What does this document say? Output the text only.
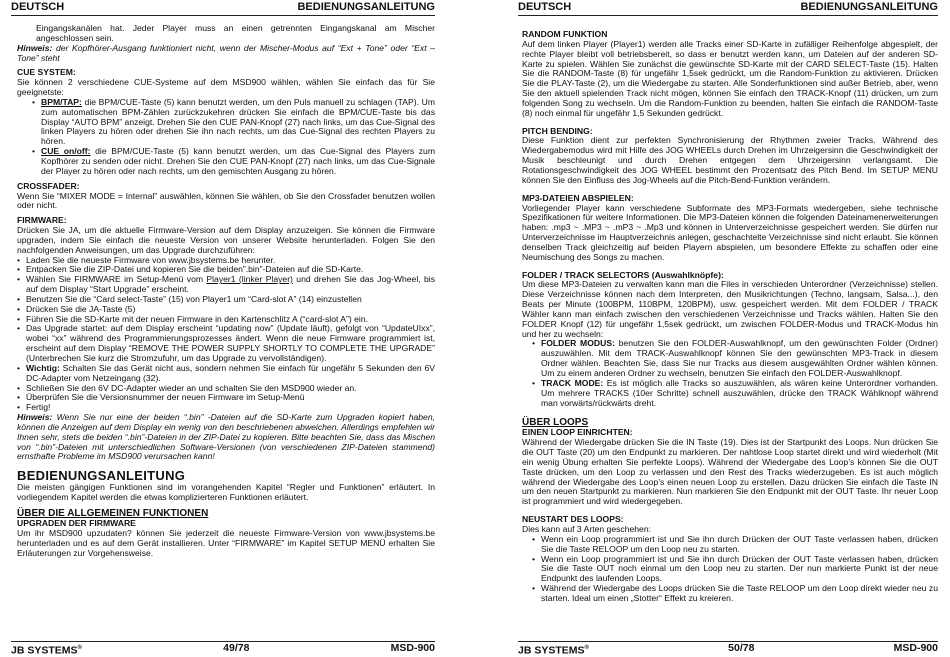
DEUTSCH	BEDIENUNGSANLEITUNG

Eingangskanälen hat. Jeder Player muss an einen getrennten Eingangskanal am Mischer angeschlossen sein.

Hinweis: der Kopfhörer-Ausgang funktioniert nicht, wenn der Mischer-Modus auf “Ext + Tone” oder “Ext – Tone” steht

CUE SYSTEM:

Sie können 2 verschiedene CUE-Systeme auf dem MSD900 wählen, wählen Sie einfach das für Sie geeignetste:

• BPM/TAP: die BPM/CUE-Taste (5) kann benutzt werden, um den Puls manuell zu schlagen (TAP). Um zum automatischen BPM-Zählen zurückzukehren drücken Sie einfach die BPM/CUE-Taste bis das Display “AUTO BPM” anzeigt. Drehen Sie den CUE PAN-Knopf (27) nach links, um das Cue-Signal des linken Players zu hören oder drehen Sie ihn nach rechts, um das Cue-Signal des rechten Players zu hören.
• CUE on/off: die BPM/CUE-Taste (5) kann benutzt werden, um das Cue-Signal des Players zum Kopfhörer zu senden oder nicht. Drehen Sie den CUE PAN-Knopf (27) nach links, um das Cue-Signale der Player zu hören oder nach rechts, um den gemischten Ausgang zu hören.

CROSSFADER:

Wenn Sie “MIXER MODE = Internal” auswählen, können Sie wählen, ob Sie den Crossfader benutzen wollen oder nicht.

FIRMWARE:

Drücken Sie JA, um die aktuelle Firmware-Version auf dem Display anzuzeigen. Sie können die Firmware upgraden, indem Sie einfach die neueste Version von unserer Website herunterladen. Folgen Sie den nachfolgenden Anweisungen, um das Upgrade durchzuführen:

• Laden Sie die neueste Firmware von www.jbsystems.be herunter.
• Entpacken Sie die ZIP-Datei und kopieren Sie die beiden”.bin”-Dateien auf die SD-Karte.
• Wählen Sie FIRMWARE im Setup-Menü vom Player1 (linker Player) und drehen Sie das Jog-Wheel, bis auf dem Display “Start Upgrade” erscheint.
• Benutzen Sie die “Card select-Taste” (15) von Player1 um “Card-slot A” (14) einzustellen
• Drücken Sie die JA-Taste (5)
• Führen Sie die SD-Karte mit der neuen Firmware in den Kartenschlitz A (“card-slot A”) ein.
• Das Upgrade startet: auf dem Display erscheint “updating now” (Update läuft), gefolgt von “UpdateUIxx”, wobei “xx” während des Programmierungsprozesses ändert. Wenn die neue Firmware programmiert ist, erscheint auf dem Display “REMOVE THE POWER SUPPLY SHORTLY TO COMPLETE THE UPGRADE” (Unterbrechen Sie kurz die Stromzufuhr, um das Upgrade zu vervollständigen).
• Wichtig: Schalten Sie das Gerät nicht aus, sondern nehmen Sie einfach für ungefähr 5 Sekunden den 6V DC-Adapter vom Netzeingang (32).
• Schließen Sie den 6V DC-Adapter wieder an und schalten Sie den MSD900 wieder an.
• Überprüfen Sie die Versionsnummer der neuen Firmware im Setup-Menü
• Fertig!

Hinweis: Wenn Sie nur eine der beiden “.bin” -Dateien auf die SD-Karte zum Upgraden kopiert haben, können die Anzeigen auf dem Display ein wenig von den beschriebenen abweichen. Allerdings empfehlen wir Ihnen sehr, stets die beiden “.bin”-Dateien in der ZIP-Datei zu kopieren. Bitte beachten Sie, dass das Mischen von “.bin”-Dateien mit unterschiedlichen Software-Versionen (von verschiedenen ZIP-Dateien stammend) ernsthafte Probleme im MSD900 verursachen kann!

BEDIENUNGSANLEITUNG

Die meisten gängigen Funktionen sind im vorangehenden Kapitel “Regler und Funktionen” erläutert. In vorliegendem Kapitel werden die etwas komplizierteren Funktionen erläutert.

ÜBER DIE ALLGEMEINEN FUNKTIONEN

UPGRADEN DER FIRMWARE

Um ihr MSD900 upzudaten? können Sie jederzeit die neueste Firmware-Version von www.jbsystems.be herunterladen und es auf dem Gerät installieren. Unter “FIRMWARE” im Kapitel SETUP MENÜ erhalten Sie Erläuterungen zur Vorgehensweise.

JB SYSTEMS®	49/78	MSD-900
DEUTSCH	BEDIENUNGSANLEITUNG

RANDOM FUNKTION

Auf dem linken Player (Player1) werden alle Tracks einer SD-Karte in zufälliger Reihenfolge abgespielt, der rechte Player bleibt voll betriebsbereit, so dass er benutzt werden kann, um Dateien auf der anderen SD-Karte zu spielen. Wählen Sie zunächst die gewünschte SD-Karte mit der CARD SELECT-Taste (15). Halten Sie die RANDOM-Taste (8) für ungefähr 1,5sek gedrückt, um die Random-Funktion zu aktivieren. Drücken Sie die PLAY-Taste (2), um die Wiedergabe zu starten. Alle Sonderfunktionen sind außer Betrieb, aber, wenn Sie den aktuell spielenden Track nicht mögen, können Sie einfach den TRACK-Knopf (11) drücken, um zum folgenden Song zu wechseln. Um die Random-Funktion zu beenden, halten Sie einfach die RANDOM-Taste (8) noch einmal für ungefähr 1,5 Sekunden gedrückt.

PITCH BENDING:

Diese Funktion dient zur perfekten Synchronisierung der Rhythmen zweier Tracks. Während des Wiedergabemodus wird mit Hilfe des JOG WHEELs durch Drehen im Uhrzeigersinn die Geschwindigkeit der Musik beschleunigt und durch Drehen entgegen dem Uhrzeigersinn verlangsamt. Die Rotationsgeschwindigkeit des JOG WHEEL bestimmt den Prozentsatz des Pitch Bend. Im SETUP MENU können Sie den Einfluss des Jog-Wheels auf die Pitch-Bend-Funktion verändern.

MP3-DATEIEN ABSPIELEN:

Vorliegender Player kann verschiedene Subformate des MP3-Formats wiedergeben, siehe technische Spezifikationen für weitere Informationen. Die MP3-Dateien können die folgenden Dateinamenerweiterungen haben: .mp3 ~ .MP3 ~ .mP3 ~ .Mp3 und können in Unterverzeichnisse gespeichert werden. Sie dürfen nur Unterverzeichnisse im Hauptverzeichnis anlegen, geschachtelte Verzeichnisse sind nicht erlaubt. Sie können denselben Track gleichzeitig auf beiden Playern abspielen, um besondere Effekte zu schaffen oder eine Neumischung des Songs zu machen.

FOLDER / TRACK SELECTORS (Auswahlknöpfe):

Um diese MP3-Dateien zu verwalten kann man die Files in verschieden Unterordner (Verzeichnisse) stellen. Diese Verzeichnisse können nach dem Interpreten, den Musikrichtungen (Techno, langsam, Salsa...), den Beats per Minute (100BPM, 110BPM, 120BPM), usw. gespeichert werden. Mit dem FOLDER / TRACK Wähler kann man einfach zwischen den verschiedenen Verzeichnisse und Tracks wählen. Halten Sie den FOLDER Knopf (12) für ungefähr 1,5sek gedrückt, um zwischen FOLDER-Modus und TRACK-Modus hin und her zu wechseln:

• FOLDER MODUS: benutzen Sie den FOLDER-Auswahlknopf, um den gewünschten Folder (Ordner) auszuwählen. Mit dem TRACK-Auswahlknopf können Sie den gewünschten MP3-Track in diesem Ordner wählen. Beachten Sie, dass Sie nur Tracks aus diesem ausgewählten Ordner wählen können. Um zu einem anderen Ordner zu wechseln, benutzen Sie einfach den FOLDER-Auswahlknopf.
• TRACK MODE: Es ist möglich alle Tracks so auszuwählen, als wären keine Unterordner vorhanden. Um mehrere TRACKS (10er Schritte) schnell auszuwählen, drücke den TRACK Wählknopf während man vorwärts/rückwärts dreht.

ÜBER LOOPS

EINEN LOOP EINRICHTEN:

Während der Wiedergabe drücken Sie die IN Taste (19). Dies ist der Startpunkt des Loops. Nun drücken Sie die OUT Taste (20) um den Endpunkt zu markieren. Der nahtlose Loop startet direkt und wird wiederholt (Mit ein wenig Übung erhalten Sie perfekte Loops). Während der Wiedergabe des Loop’s können Sie die OUT Taste drücken, um den Loop zu verlassen und den Rest des Tracks wiederzugeben. Es ist auch möglich während der Wiedergabe des Loop’s einen neuen Loop zu erstellen. Dazu drücken Sie einfach die Taste IN um den neuen Startpunkt zu markieren. Nun markieren Sie den Endpunkt mit der OUT Taste. Ihr neuer Loop ist programmiert und wird wiedergegeben.

NEUSTART DES LOOPS:

Dies kann auf 3 Arten geschehen:

• Wenn ein Loop programmiert ist und Sie ihn durch Drücken der OUT Taste verlassen haben, drücken Sie die Taste RELOOP um den Loop neu zu starten.
• Wenn ein Loop programmiert ist und Sie ihn durch Drücken der OUT Taste verlassen haben, drücken Sie die Taste OUT noch einmal um den Loop neu zu starten. Der nun markierte Punkt ist der neue Endpunkt des laufenden Loops.
• Während der Wiedergabe des Loops drücken Sie die Taste RELOOP um den Loop direkt wieder neu zu starten. Ideal um einen „Stotter“ Effekt zu kreieren.
JB SYSTEMS®	50/78	MSD-900
